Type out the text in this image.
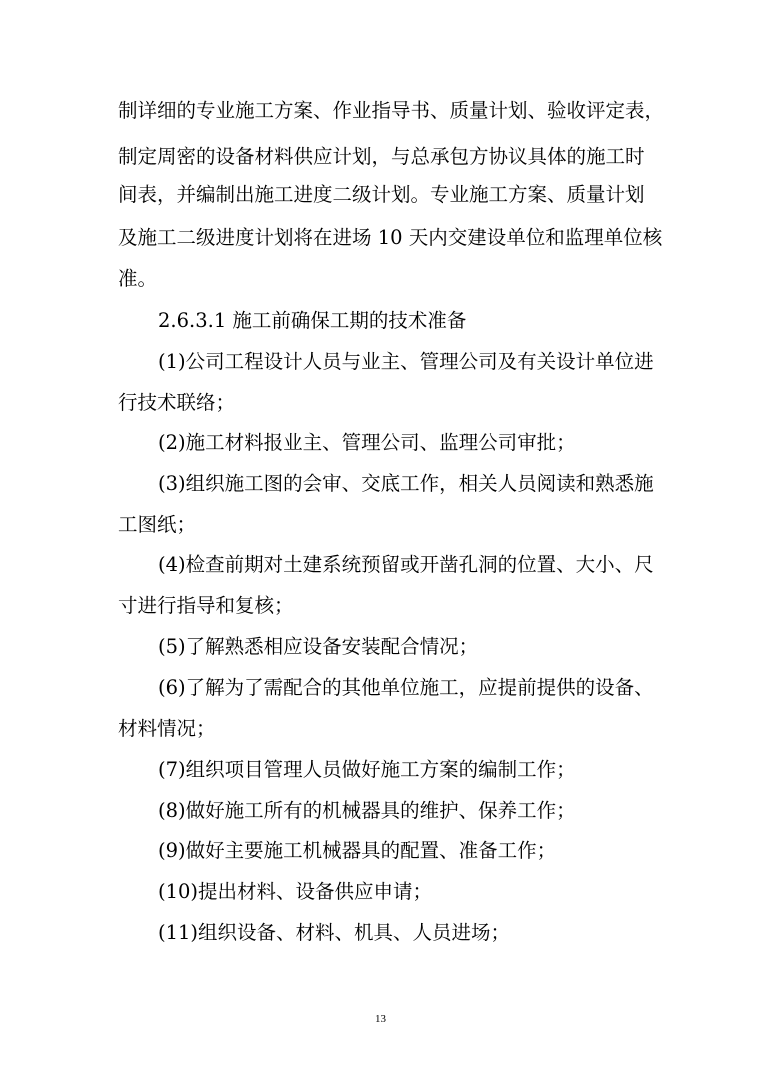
制详细的专业施工方案、作业指导书、质量计划、验收评定表，

制定周密的设备材料供应计划，与总承包方协议具体的施工时

间表，并编制出施工进度二级计划。专业施工方案、质量计划

及施工二级进度计划将在进场 10 天内交建设单位和监理单位核

准。

2.6.3.1 施工前确保工期的技术准备

(1)公司工程设计人员与业主、管理公司及有关设计单位进

行技术联络；

(2)施工材料报业主、管理公司、监理公司审批；

(3)组织施工图的会审、交底工作，相关人员阅读和熟悉施

工图纸；

(4)检查前期对土建系统预留或开凿孔洞的位置、大小、尺

寸进行指导和复核；

(5)了解熟悉相应设备安装配合情况；

(6)了解为了需配合的其他单位施工，应提前提供的设备、

材料情况；

(7)组织项目管理人员做好施工方案的编制工作；

(8)做好施工所有的机械器具的维护、保养工作；

(9)做好主要施工机械器具的配置、准备工作；

(10)提出材料、设备供应申请；

(11)组织设备、材料、机具、人员进场；

13
